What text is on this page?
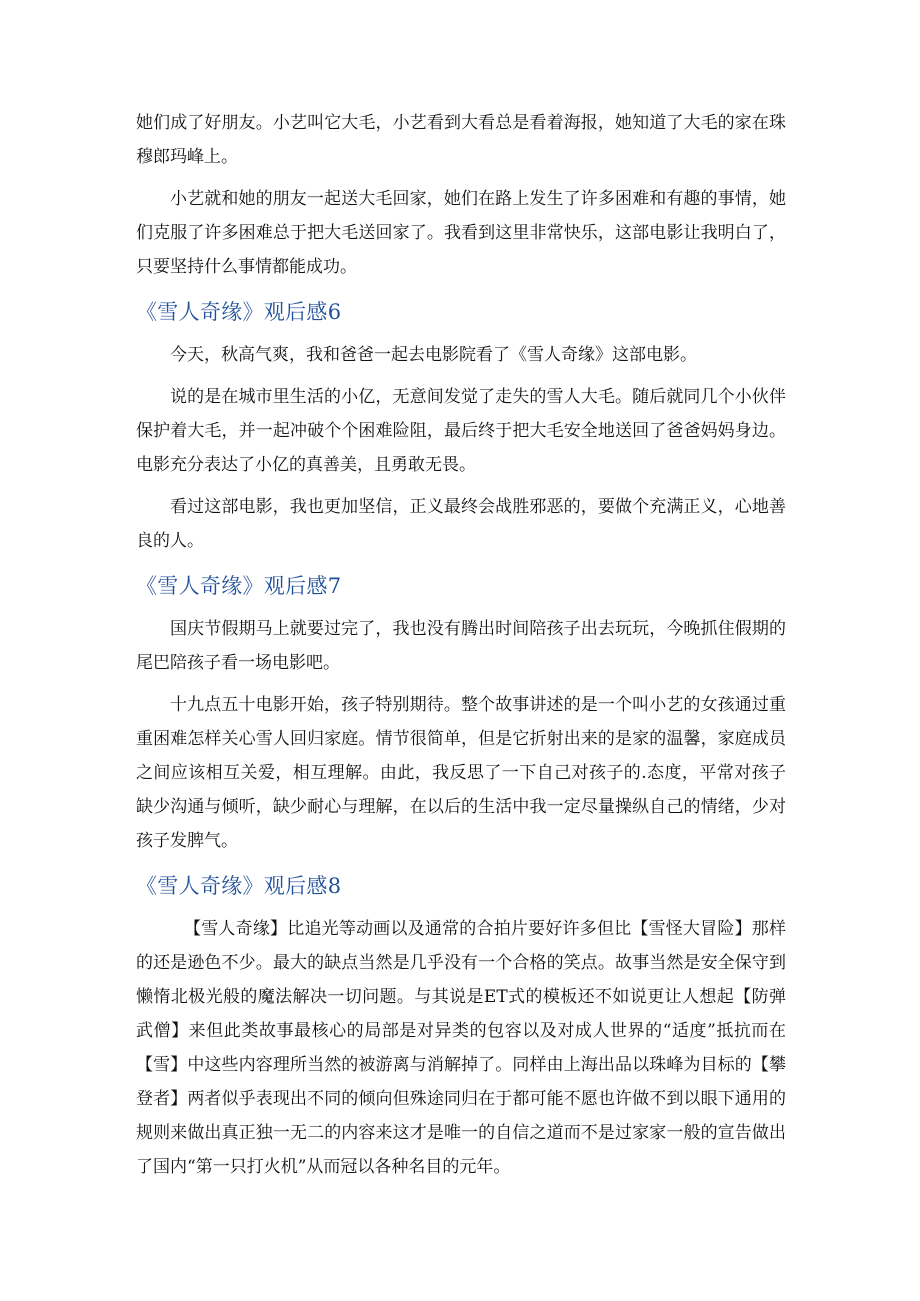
她们成了好朋友。小艺叫它大毛，小艺看到大看总是看着海报，她知道了大毛的家在珠穆郎玛峰上。

小艺就和她的朋友一起送大毛回家，她们在路上发生了许多困难和有趣的事情，她们克服了许多困难总于把大毛送回家了。我看到这里非常快乐，这部电影让我明白了，只要坚持什么事情都能成功。

《雪人奇缘》观后感6

今天，秋高气爽，我和爸爸一起去电影院看了《雪人奇缘》这部电影。

说的是在城市里生活的小亿，无意间发觉了走失的雪人大毛。随后就同几个小伙伴保护着大毛，并一起冲破个个困难险阻，最后终于把大毛安全地送回了爸爸妈妈身边。电影充分表达了小亿的真善美，且勇敢无畏。

看过这部电影，我也更加坚信，正义最终会战胜邪恶的，要做个充满正义，心地善良的人。

《雪人奇缘》观后感7

国庆节假期马上就要过完了，我也没有腾出时间陪孩子出去玩玩，今晚抓住假期的尾巴陪孩子看一场电影吧。

十九点五十电影开始，孩子特别期待。整个故事讲述的是一个叫小艺的女孩通过重重困难怎样关心雪人回归家庭。情节很简单，但是它折射出来的是家的温馨，家庭成员之间应该相互关爱，相互理解。由此，我反思了一下自己对孩子的.态度，平常对孩子缺少沟通与倾听，缺少耐心与理解，在以后的生活中我一定尽量操纵自己的情绪，少对孩子发脾气。

《雪人奇缘》观后感8

【雪人奇缘】比追光等动画以及通常的合拍片要好许多但比【雪怪大冒险】那样的还是逊色不少。最大的缺点当然是几乎没有一个合格的笑点。故事当然是安全保守到懒惰北极光般的魔法解决一切问题。与其说是ET式的模板还不如说更让人想起【防弹武僧】来但此类故事最核心的局部是对异类的包容以及对成人世界的“适度”抵抗而在【雪】中这些内容理所当然的被游离与消解掉了。同样由上海出品以珠峰为目标的【攀登者】两者似乎表现出不同的倾向但殊途同归在于都可能不愿也许做不到以眼下通用的规则来做出真正独一无二的内容来这才是唯一的自信之道而不是过家家一般的宣告做出了国内“第一只打火机”从而冠以各种名目的元年。
